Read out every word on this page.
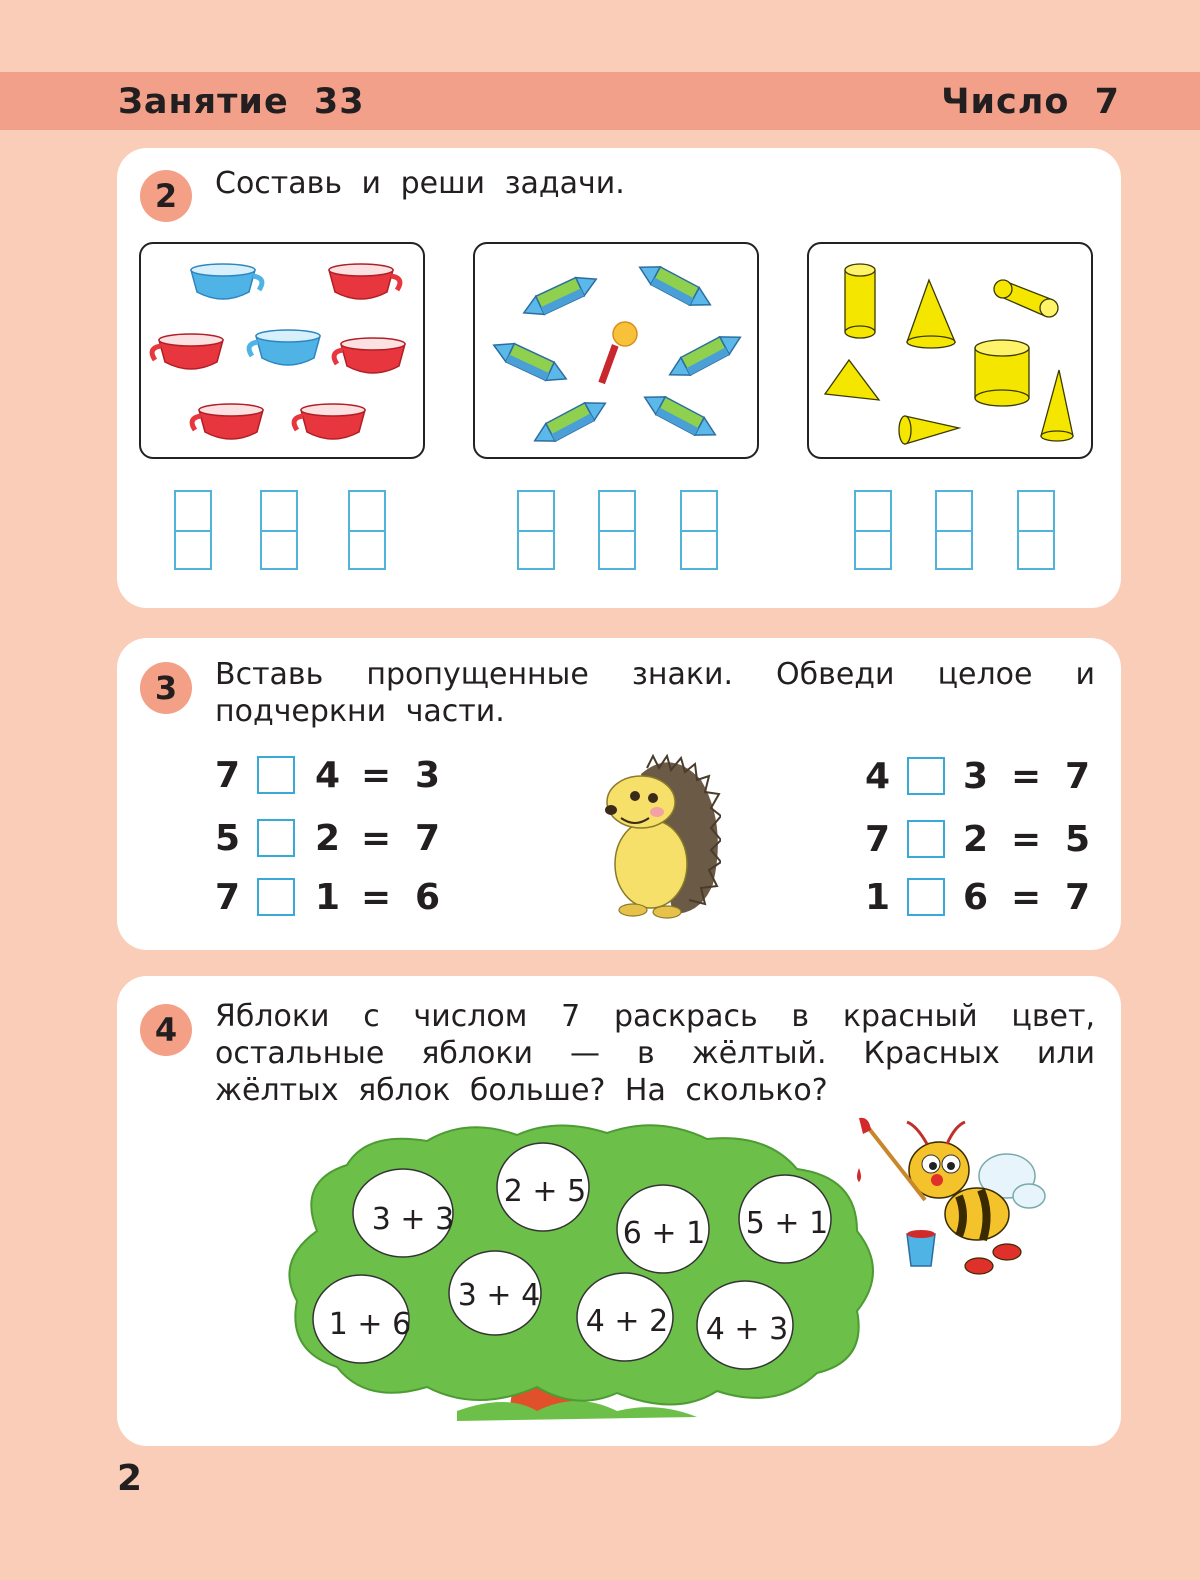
Занятие 33	Число 7
2	Составь и реши задачи.
3	Вставь пропущенные знаки. Обведи целое и подчеркни части.
7 4 = 3
5 2 = 7
7 1 = 6
4 3 = 7
7 2 = 5
1 6 = 7
4	Яблоки с числом 7 раскрась в красный цвет, остальные яблоки — в жёлтый. Красных или жёлтых яблок больше? На сколько?
3 + 3
2 + 5
6 + 1 5 + 1
3 + 4
1 + 6	4 + 2 4 + 3
2
